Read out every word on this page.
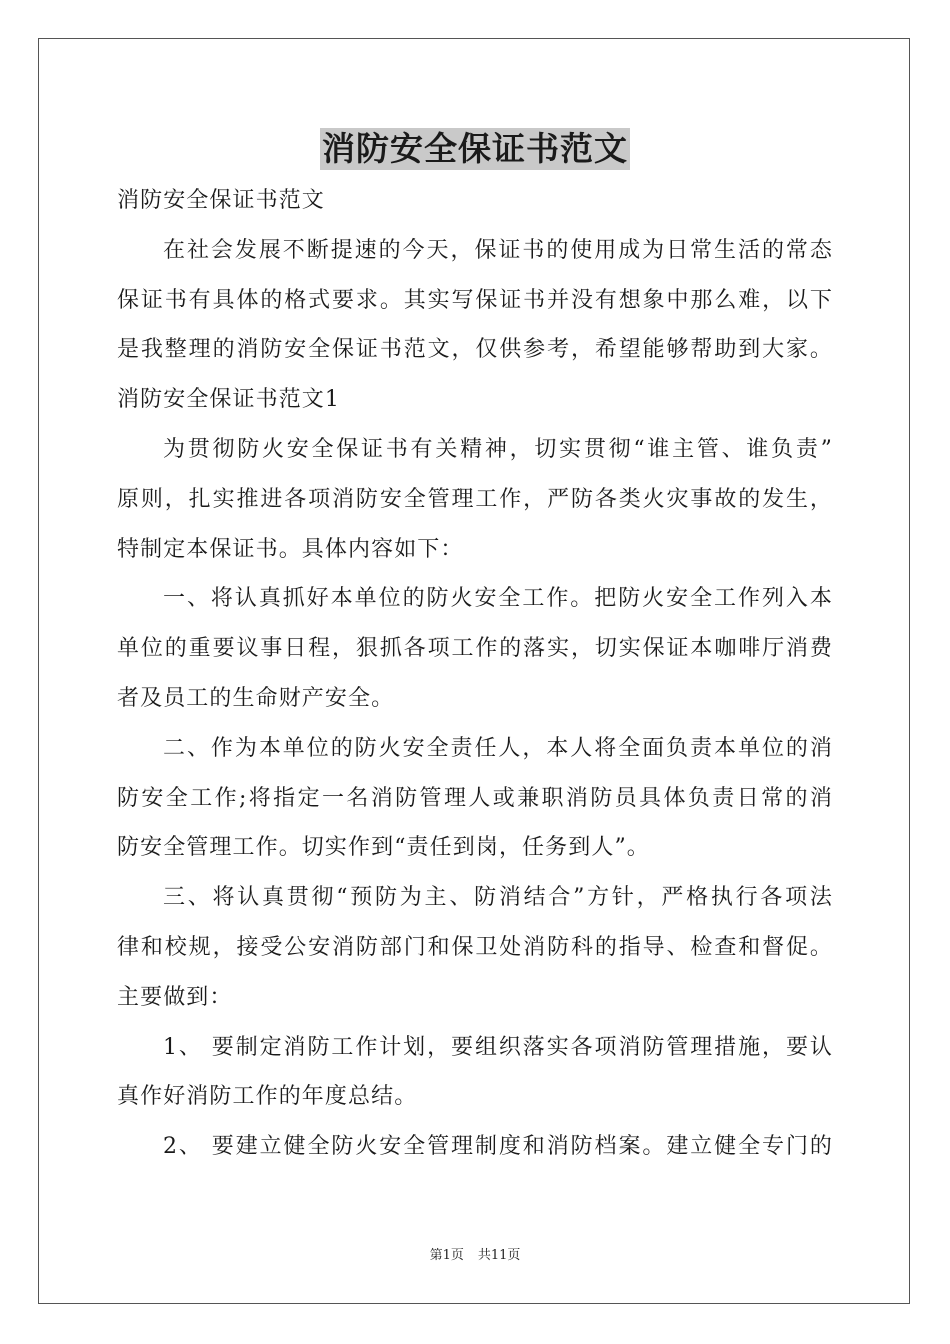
消防安全保证书范文
消防安全保证书范文
在社会发展不断提速的今天，保证书的使用成为日常生活的常态
保证书有具体的格式要求。其实写保证书并没有想象中那么难，以下
是我整理的消防安全保证书范文，仅供参考，希望能够帮助到大家。
消防安全保证书范文1
为贯彻防火安全保证书有关精神，切实贯彻“谁主管、谁负责”
原则，扎实推进各项消防安全管理工作，严防各类火灾事故的发生，
特制定本保证书。具体内容如下：
一、将认真抓好本单位的防火安全工作。把防火安全工作列入本
单位的重要议事日程，狠抓各项工作的落实，切实保证本咖啡厅消费
者及员工的生命财产安全。
二、作为本单位的防火安全责任人，本人将全面负责本单位的消
防安全工作;将指定一名消防管理人或兼职消防员具体负责日常的消
防安全管理工作。切实作到“责任到岗，任务到人”。
三、将认真贯彻“预防为主、防消结合”方针，严格执行各项法
律和校规，接受公安消防部门和保卫处消防科的指导、检查和督促。
主要做到：
1、 要制定消防工作计划，要组织落实各项消防管理措施，要认
真作好消防工作的年度总结。
2、 要建立健全防火安全管理制度和消防档案。建立健全专门的
第1页 共11页
